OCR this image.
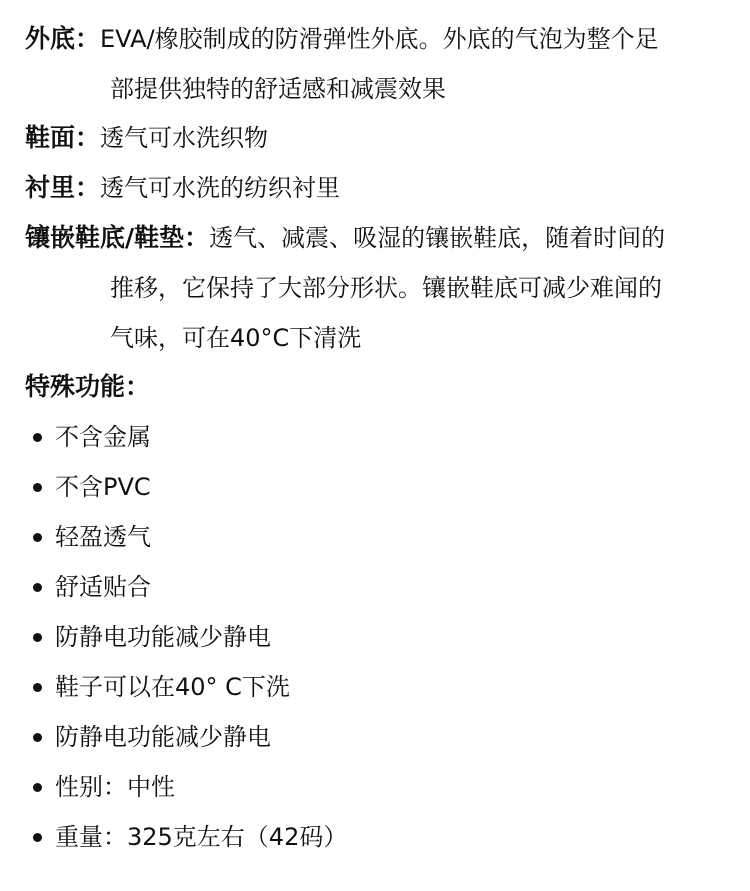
外底：EVA/橡胶制成的防滑弹性外底。外底的气泡为整个足
部提供独特的舒适感和减震效果
鞋面：透气可水洗织物
衬里：透气可水洗的纺织衬里
镶嵌鞋底/鞋垫：透气、减震、吸湿的镶嵌鞋底，随着时间的
推移，它保持了大部分形状。镶嵌鞋底可减少难闻的
气味，可在40°C下清洗
特殊功能：
不含金属
不含PVC
轻盈透气
舒适贴合
防静电功能减少静电
鞋子可以在40° C下洗
防静电功能减少静电
性别：中性
重量：325克左右（42码）
